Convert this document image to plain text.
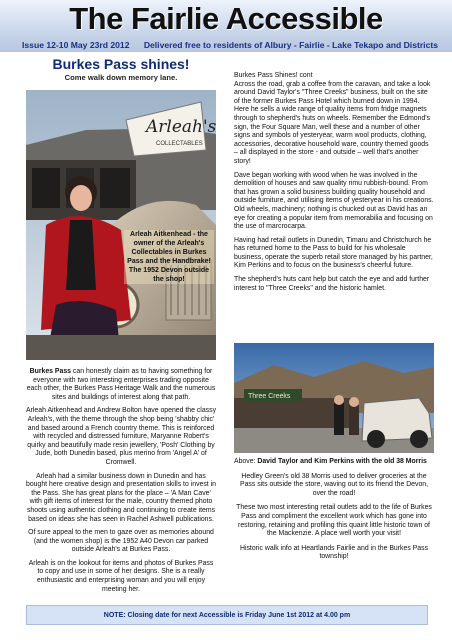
The Fairlie Accessible
Issue 12-10 May 23rd 2012 Delivered free to residents of Albury - Fairlie - Lake Tekapo and Districts
Burkes Pass shines!
Come walk down memory lane.
Arleah's
COLLECTABLES
Arleah Aitkenhead - the owner of the Arleah's Collectables in Burkes Pass and the Handbrake! The 1952 Devon outside the shop!

Burkes Pass Shines! cont
Across the road, grab a coffee from the caravan, and take a look around David Taylor's "Three Creeks" business, built on the site of the former Burkes Pass Hotel which burned down in 1994. Here he sells a wide range of quality items from fridge magnets through to shepherd's huts on wheels. Remember the Edmond's sign, the Four Square Man, well these and a number of other signs and symbols of yesteryear, warm wool products, clothing, accessories, decorative household ware, country themed goods – all displayed in the store - and outside – well that's another story!

Dave began working with wood when he was involved in the demolition of houses and saw quality rimu rubbish-bound. From that has grown a solid business building quality household and outside furniture, and utilising items of yesteryear in his creations. Old wheels, machinery; nothing is chucked out as David has an eye for creating a popular item from memorabilia and focusing on the use of marcrocarpa.

Having had retail outlets in Dunedin, Timaru and Christchurch he has returned home to the Pass to build for his wholesale business, operate the superb retail store managed by his partner, Kim Perkins and to focus on the business's cheerful future.

The shepherd's huts cant help but catch the eye and add further interest to "Three Creeks" and the historic hamlet.

Three Creeks

Burkes Pass can honestly claim as to having something for everyone with two interesting enterprises trading opposite each other, the Burkes Pass Heritage Walk and the numerous sites and buildings of interest along that path.

Arleah Aitkenhead and Andrew Bolton have opened the classy Arleah's, with the theme through the shop being 'shabby chic' and based around a French country theme. This is reinforced with recycled and distressed furniture, Maryanne Robert's quirky and beautifully made resin jewellery, 'Posh' Clothing by Jude, both Dunedin based, plus merino from 'Angel A' of Cromwell.

Arleah had a similar business down in Dunedin and has bought here creative design and presentation skills to invest in the Pass. She has great plans for the place – 'A Man Cave' with gift items of interest for the male, country themed photo shoots using authentic clothing and continuing to create items based on ideas she has seen in Rachel Ashwell publications.

Of sure appeal to the men to gaze over as memories abound (and the women shop) is the 1952 A40 Devon car parked outside Arleah's at Burkes Pass.

Arleah is on the lookout for items and photos of Burkes Pass to copy and use in some of her designs. She is a really enthusiastic and enterprising woman and you will enjoy meeting her.

Above: David Taylor and Kim Perkins with the old 38 Morris

Hedley Green's old 38 Morris used to deliver groceries at the Pass sits outside the store, waving out to its friend the Devon, over the road!

These two most interesting retail outlets add to the life of Burkes Pass and compliment the excellent work which has gone into restoring, retaining and profiling this quaint little historic town of the Mackenzie. A place well worth your visit!

Historic walk info at Heartlands Fairlie and in the Burkes Pass township!

NOTE: Closing date for next Accessible is Friday June 1st 2012 at 4.00 pm
